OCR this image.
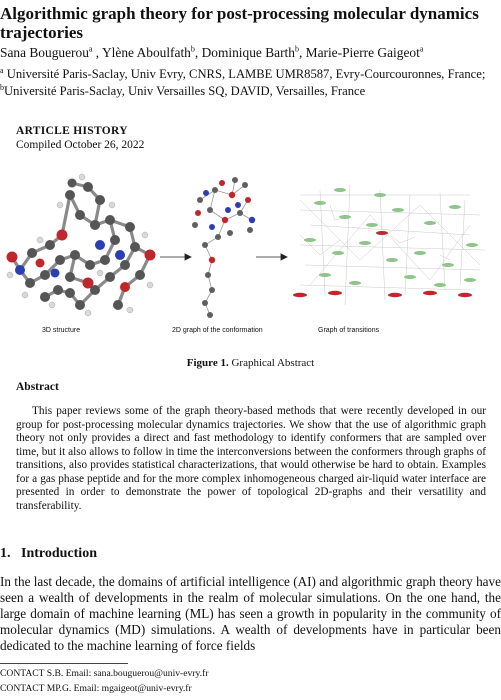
Algorithmic graph theory for post-processing molecular dynamics trajectories
Sana Bouguerou$^a$ , Ylène Aboulfath$^b$, Dominique Barth$^b$, Marie-Pierre Gaigeot$^a$
$^a$ Université Paris-Saclay, Univ Evry, CNRS, LAMBE UMR8587, Evry-Courcouronnes, France; $^b$Université Paris-Saclay, Univ Versailles SQ, DAVID, Versailles, France
ARTICLE HISTORY
Compiled October 26, 2022
3D structure	2D graph of the conformation	Graph of transitions
Figure 1. Graphical Abstract
Abstract
This paper reviews some of the graph theory-based methods that were recently developed in our group for post-processing molecular dynamics trajectories. We show that the use of algorithmic graph theory not only provides a direct and fast methodology to identify conformers that are sampled over time, but it also allows to follow in time the interconversions between the conformers through graphs of transitions, also provides statistical characterizations, that would otherwise be hard to obtain. Examples for a gas phase peptide and for the more complex inhomogeneous charged air-liquid water interface are presented in order to demonstrate the power of topological 2D-graphs and their versatility and transferability.
1.   Introduction
In the last decade, the domains of artificial intelligence (AI) and algorithmic graph theory have seen a wealth of developments in the realm of molecular simulations. On the one hand, the large domain of machine learning (ML) has seen a growth in popularity in the community of molecular dynamics (MD) simulations. A wealth of developments have in particular been dedicated to the machine learning of force fields
CONTACT S.B. Email: sana.bouguerou@univ-evry.fr
CONTACT MP.G. Email: mgaigeot@univ-evry.fr
